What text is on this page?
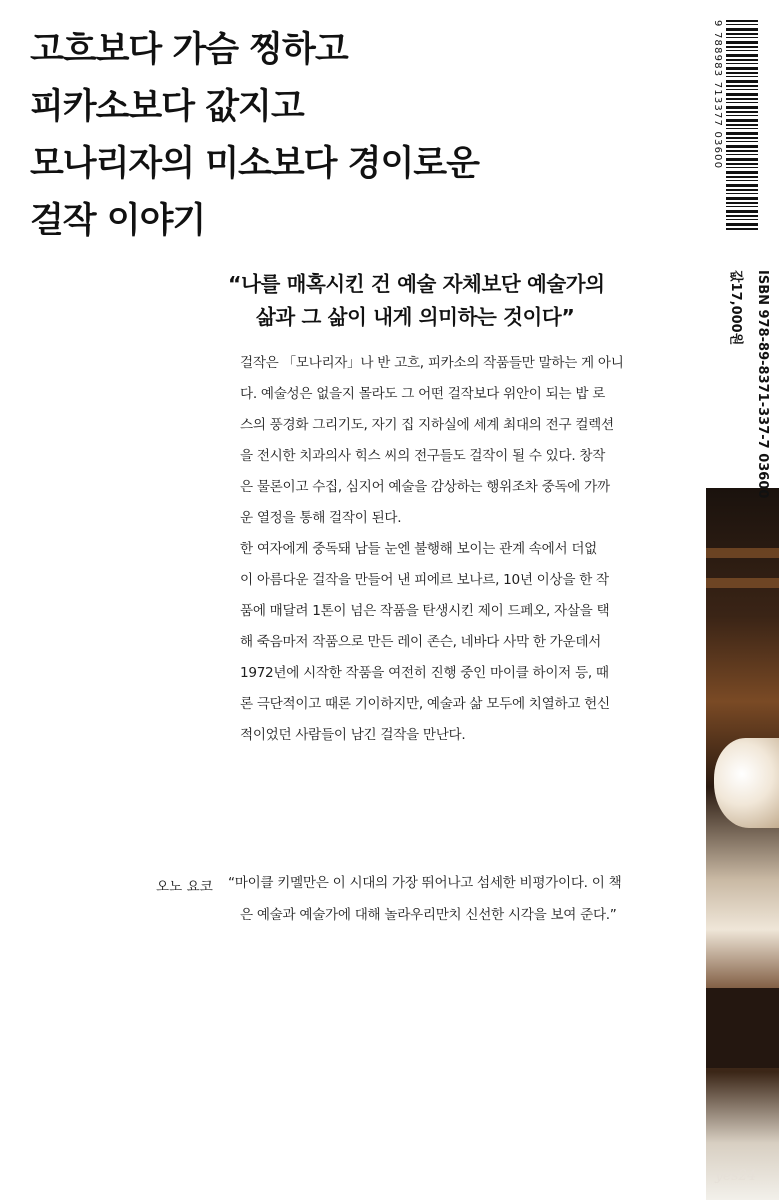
고흐보다 가슴 찡하고
피카소보다 값지고
모나리자의 미소보다 경이로운
걸작 이야기
9 788983 713377 03600
ISBN 978-89-8371-337-7 03600
값17,000원
“나를 매혹시킨 건 예술 자체보단 예술가의
삶과 그 삶이 내게 의미하는 것이다”
걸작은 「모나리자」나 반 고흐, 피카소의 작품들만 말하는 게 아니
다. 예술성은 없을지 몰라도 그 어떤 걸작보다 위안이 되는 밥 로
스의 풍경화 그리기도, 자기 집 지하실에 세계 최대의 전구 컬렉션
을 전시한 치과의사 힉스 씨의 전구들도 걸작이 될 수 있다. 창작
은 물론이고 수집, 심지어 예술을 감상하는 행위조차 중독에 가까
운 열정을 통해 걸작이 된다.
한 여자에게 중독돼 남들 눈엔 불행해 보이는 관계 속에서 더없
이 아름다운 걸작을 만들어 낸 피에르 보나르, 10년 이상을 한 작
품에 매달려 1톤이 넘은 작품을 탄생시킨 제이 드페오, 자살을 택
해 죽음마저 작품으로 만든 레이 존슨, 네바다 사막 한 가운데서
1972년에 시작한 작품을 여전히 진행 중인 마이클 하이저 등, 때
론 극단적이고 때론 기이하지만, 예술과 삶 모두에 치열하고 헌신
적이었던 사람들이 남긴 걸작을 만난다.
오노 요코 “마이클 키멜만은 이 시대의 가장 뛰어나고 섬세한 비평가이다. 이 책
은 예술과 예술가에 대해 놀라우리만치 신선한 시각을 보여 준다.”
yes24
